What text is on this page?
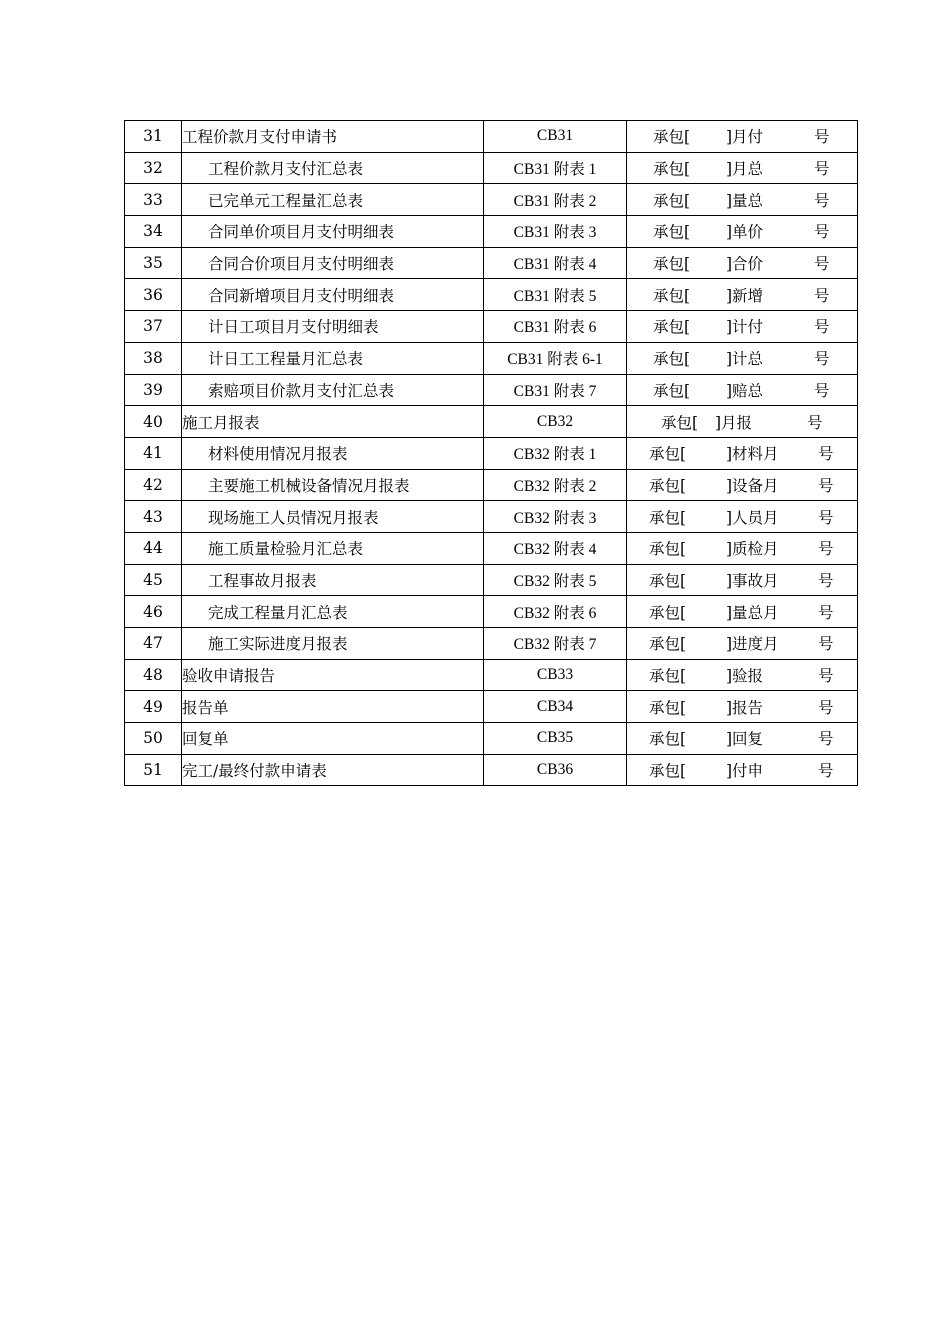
31	工程价款月支付申请书	CB31	承包[ ]月付 号

32	工程价款月支付汇总表	CB31 附表 1	承包[ ]月总 号

33	已完单元工程量汇总表	CB31 附表 2	承包[ ]量总 号

34	合同单价项目月支付明细表	CB31 附表 3	承包[ ]单价 号

35	合同合价项目月支付明细表	CB31 附表 4	承包[ ]合价 号

36	合同新增项目月支付明细表	CB31 附表 5	承包[ ]新增 号

37	计日工项目月支付明细表	CB31 附表 6	承包[ ]计付 号

38	计日工工程量月汇总表	CB31 附表 6-1	承包[ ]计总 号

39	索赔项目价款月支付汇总表	CB31 附表 7	承包[ ]赔总 号

40	施工月报表	CB32	承包[ ]月报 号

41	材料使用情况月报表	CB32 附表 1	承包[ ]材料月 号

42	主要施工机械设备情况月报表	CB32 附表 2	承包[ ]设备月 号

43	现场施工人员情况月报表	CB32 附表 3	承包[ ]人员月 号

44	施工质量检验月汇总表	CB32 附表 4	承包[ ]质检月 号

45	工程事故月报表	CB32 附表 5	承包[ ]事故月 号

46	完成工程量月汇总表	CB32 附表 6	承包[ ]量总月 号

47	施工实际进度月报表	CB32 附表 7	承包[ ]进度月 号

48	验收申请报告	CB33	承包[ ]验报 号

49	报告单	CB34	承包[ ]报告 号

50	回复单	CB35	承包[ ]回复 号

51	完工/最终付款申请表	CB36	承包[ ]付申 号
